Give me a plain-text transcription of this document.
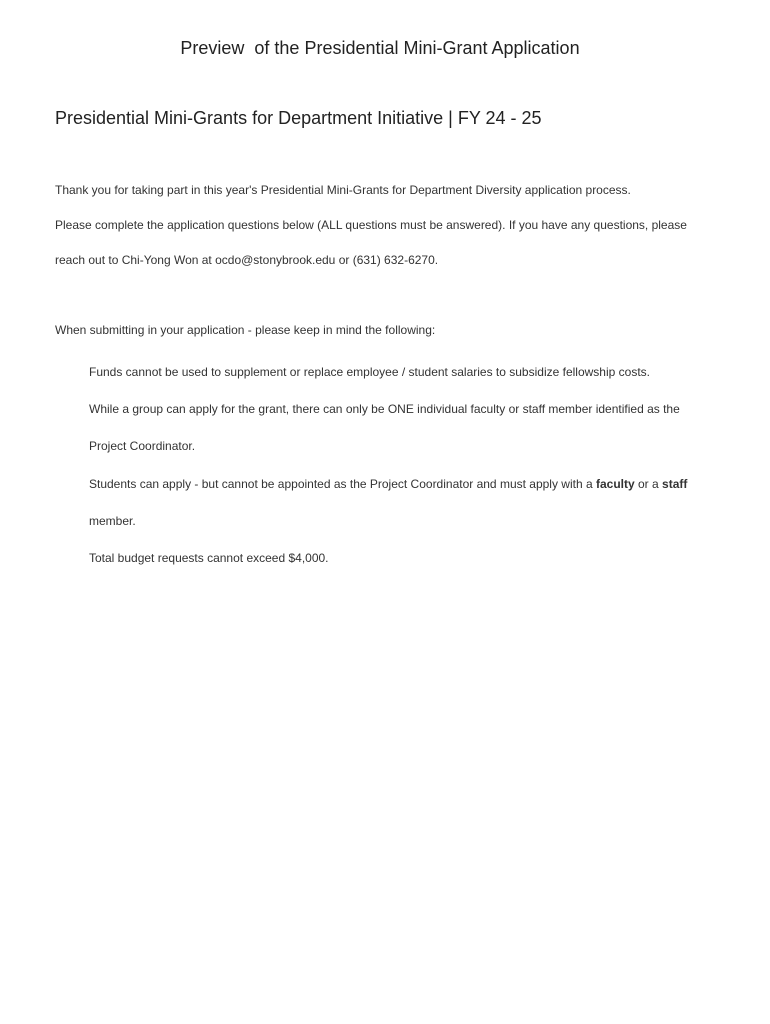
Preview  of the Presidential Mini-Grant Application
Presidential Mini-Grants for Department Initiative | FY 24 - 25

Thank you for taking part in this year's Presidential Mini-Grants for Department Diversity application process.

Please complete the application questions below (ALL questions must be answered). If you have any questions, please

reach out to Chi-Yong Won at ocdo@stonybrook.edu or (631) 632-6270.

When submitting in your application - please keep in mind the following:

Funds cannot be used to supplement or replace employee / student salaries to subsidize fellowship costs.

While a group can apply for the grant, there can only be ONE individual faculty or staff member identified as the

Project Coordinator.

Students can apply - but cannot be appointed as the Project Coordinator and must apply with a faculty or a staff

member.

Total budget requests cannot exceed $4,000.
